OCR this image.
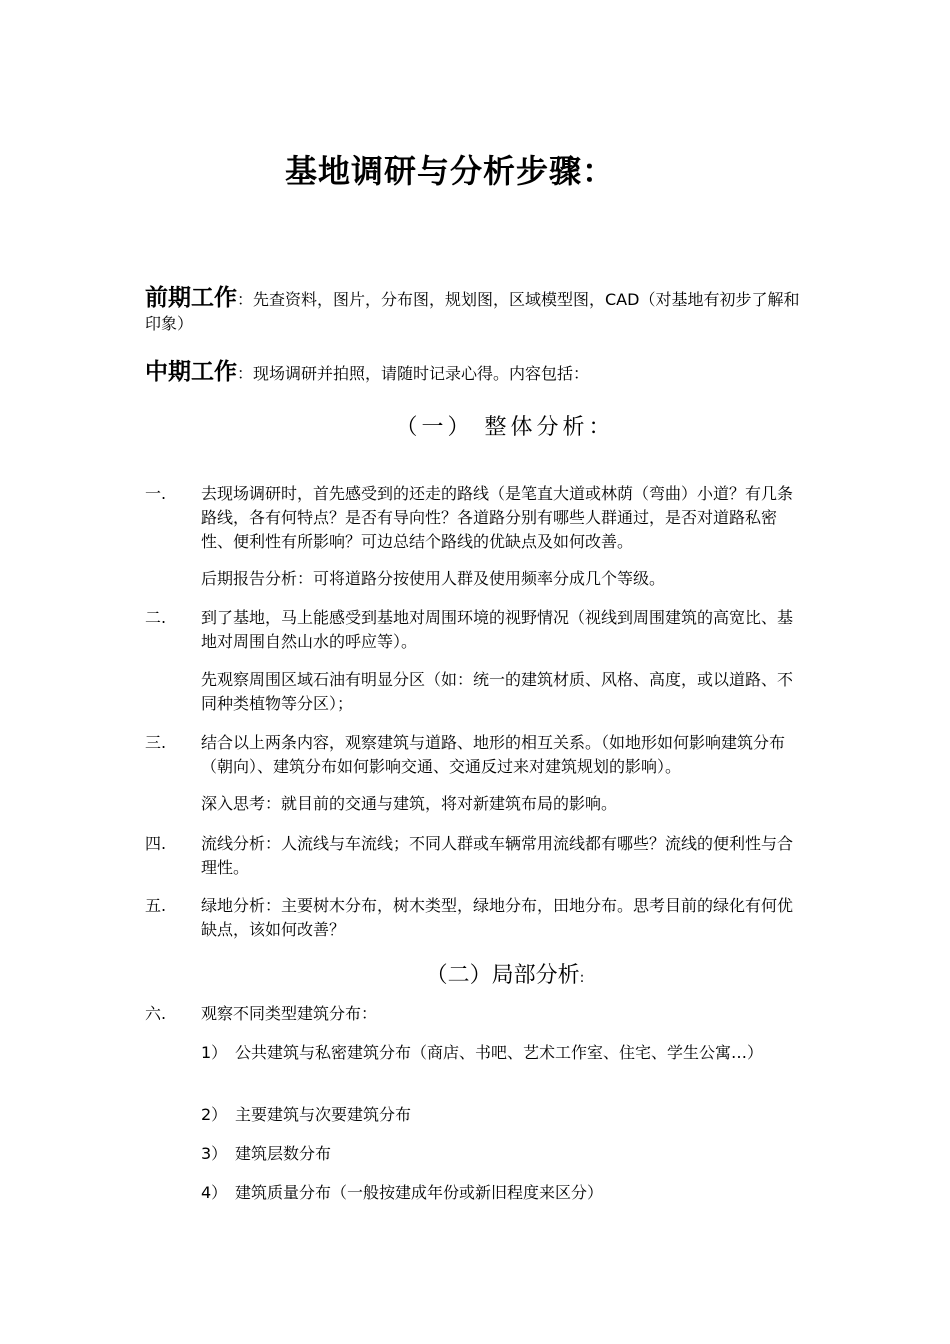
基地调研与分析步骤：
前期工作：先查资料，图片，分布图，规划图，区域模型图，CAD（对基地有初步了解和印象）
中期工作：现场调研并拍照，请随时记录心得。内容包括：
（一） 整体分析：
一. 去现场调研时，首先感受到的还走的路线（是笔直大道或林荫（弯曲）小道？有几条路线，各有何特点？是否有导向性？各道路分别有哪些人群通过，是否对道路私密性、便利性有所影响？可边总结个路线的优缺点及如何改善。
后期报告分析：可将道路分按使用人群及使用频率分成几个等级。
二. 到了基地，马上能感受到基地对周围环境的视野情况（视线到周围建筑的高宽比、基地对周围自然山水的呼应等）。
先观察周围区域石油有明显分区（如：统一的建筑材质、风格、高度，或以道路、不同种类植物等分区）；
三. 结合以上两条内容，观察建筑与道路、地形的相互关系。（如地形如何影响建筑分布（朝向）、建筑分布如何影响交通、交通反过来对建筑规划的影响）。
深入思考：就目前的交通与建筑，将对新建筑布局的影响。
四. 流线分析：人流线与车流线；不同人群或车辆常用流线都有哪些？流线的便利性与合理性。
五. 绿地分析：主要树木分布，树木类型，绿地分布，田地分布。思考目前的绿化有何优缺点，该如何改善？
（二）局部分析:
六. 观察不同类型建筑分布：
1） 公共建筑与私密建筑分布（商店、书吧、艺术工作室、住宅、学生公寓…）
2） 主要建筑与次要建筑分布
3） 建筑层数分布
4） 建筑质量分布（一般按建成年份或新旧程度来区分）
